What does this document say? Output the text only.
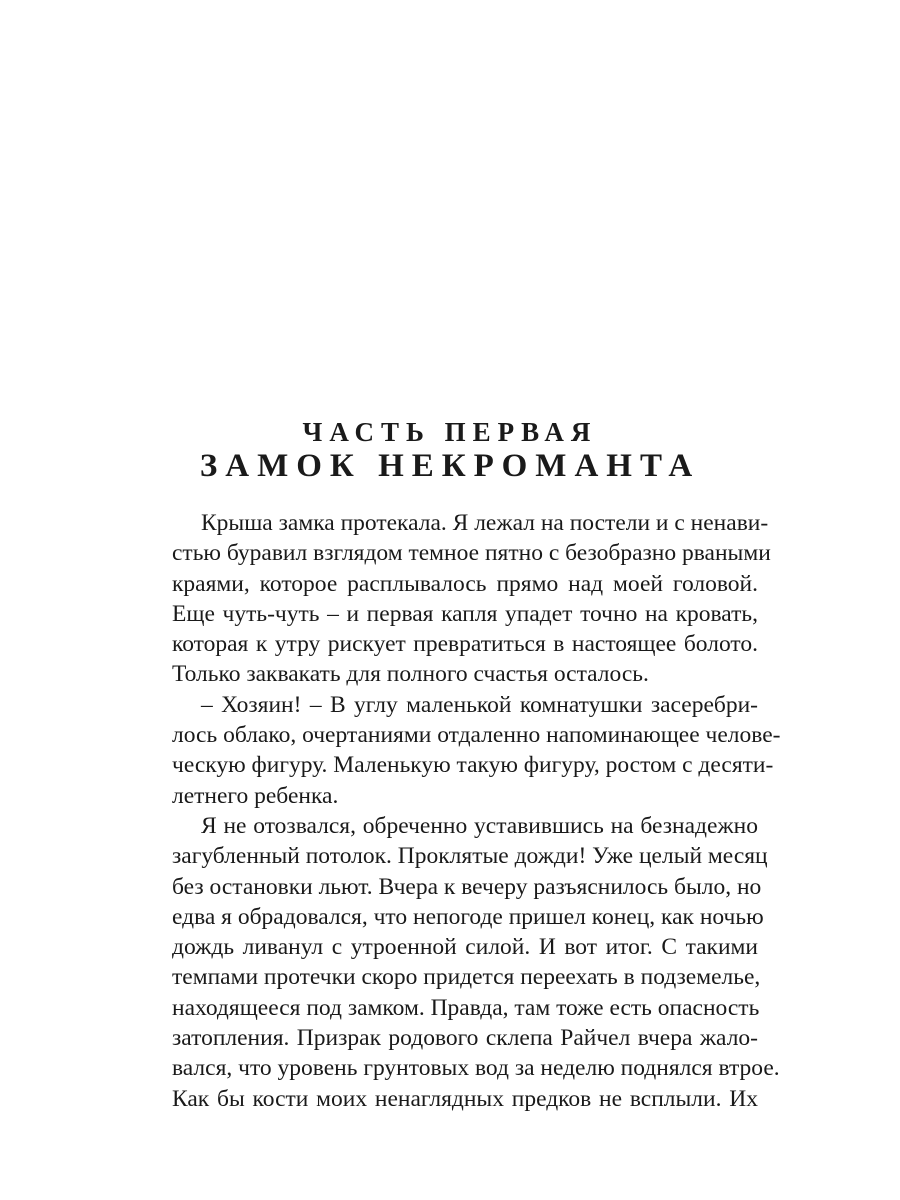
ЧАСТЬ ПЕРВАЯ
ЗАМОК НЕКРОМАНТА

Крыша замка протекала. Я лежал на постели и с ненави-
стью буравил взглядом темное пятно с безобразно рваными
краями, которое расплывалось прямо над моей головой.
Еще чуть-чуть – и первая капля упадет точно на кровать,
которая к утру рискует превратиться в настоящее болото.
Только заквакать для полного счастья осталось.

– Хозяин! – В углу маленькой комнатушки засеребри-
лось облако, очертаниями отдаленно напоминающее челове-
ческую фигуру. Маленькую такую фигуру, ростом с десяти-
летнего ребенка.

Я не отозвался, обреченно уставившись на безнадежно
загубленный потолок. Проклятые дожди! Уже целый месяц
без остановки льют. Вчера к вечеру разъяснилось было, но
едва я обрадовался, что непогоде пришел конец, как ночью
дождь ливанул с утроенной силой. И вот итог. С такими
темпами протечки скоро придется переехать в подземелье,
находящееся под замком. Правда, там тоже есть опасность
затопления. Призрак родового склепа Райчел вчера жало-
вался, что уровень грунтовых вод за неделю поднялся втрое.
Как бы кости моих ненаглядных предков не всплыли. Их
